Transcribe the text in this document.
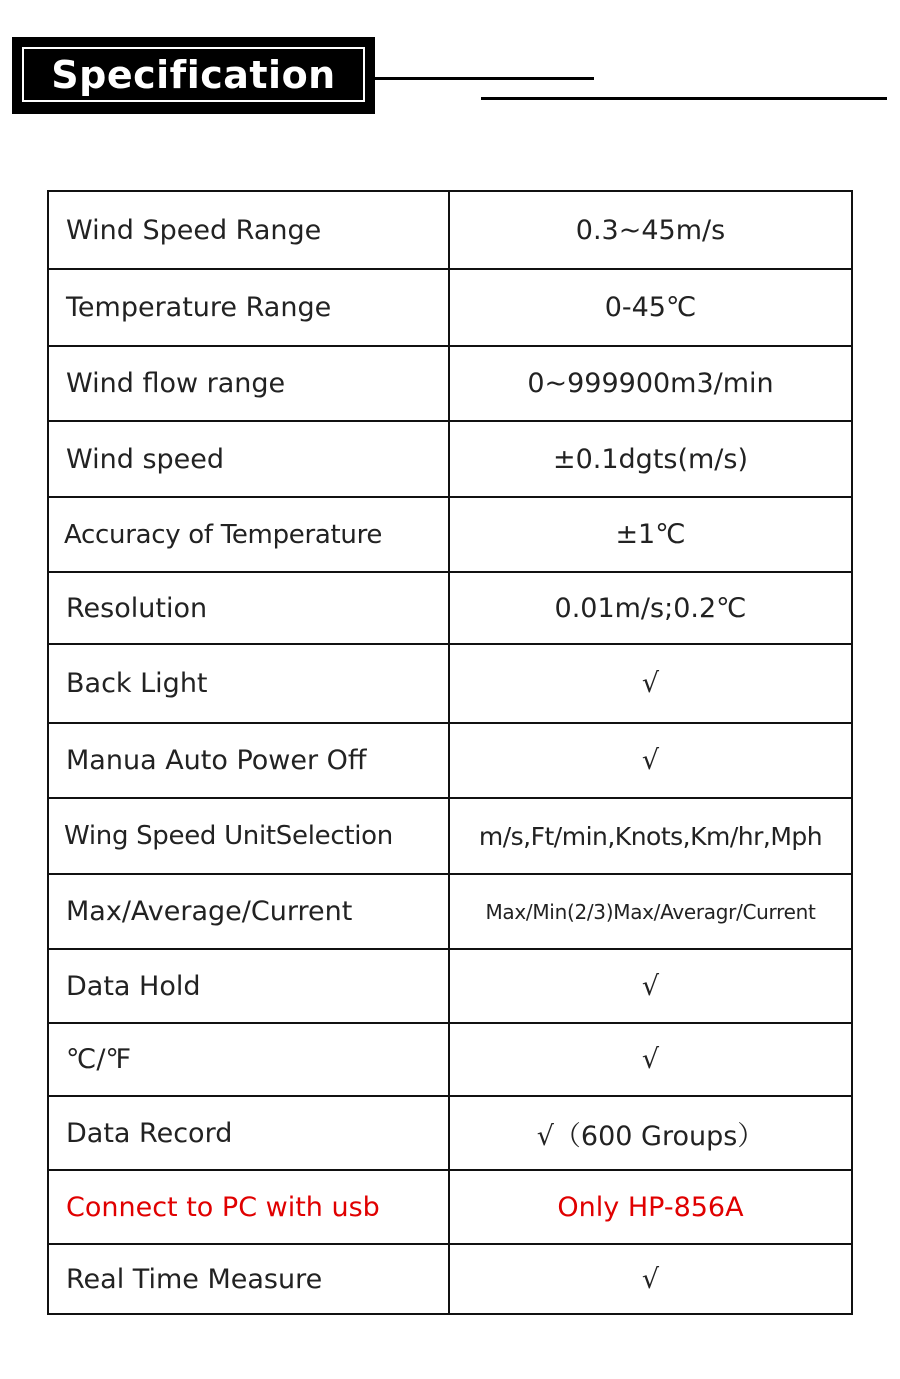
Specification
Wind Speed Range	0.3~45m/s
Temperature Range	0-45℃
Wind flow range	0~999900m3/min
Wind speed	±0.1dgts(m/s)
Accuracy of Temperature	±1℃
Resolution	0.01m/s;0.2℃
Back Light	√
Manua Auto Power Off	√
Wing Speed UnitSelection	m/s,Ft/min,Knots,Km/hr,Mph
Max/Average/Current	Max/Min(2/3)Max/Averagr/Current
Data Hold	√
℃/℉	√
Data Record	√（600 Groups）
Connect to PC with usb	Only HP-856A
Real Time Measure	√
